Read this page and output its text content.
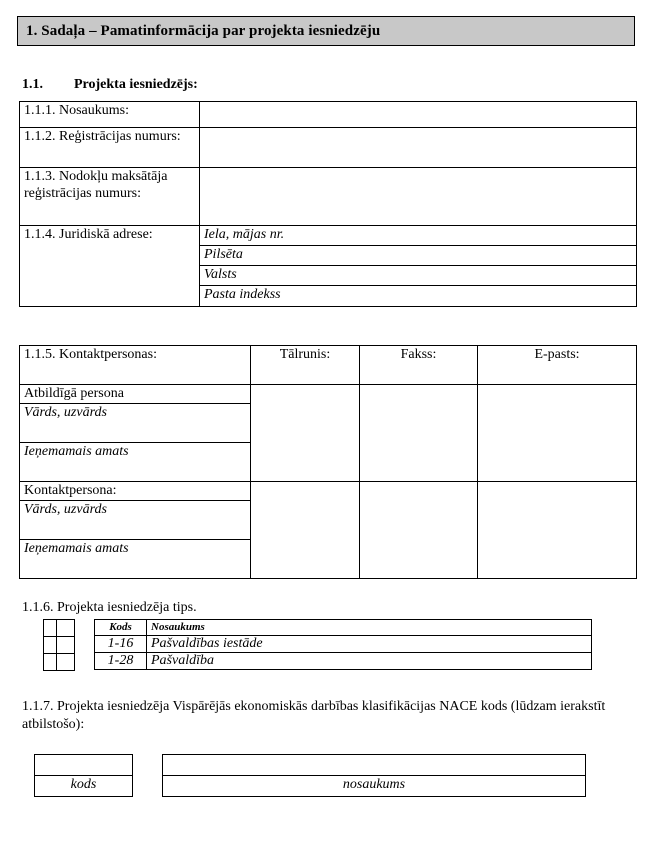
1. Sadaļa – Pamatinformācija par projekta iesniedzēju
1.1. Projekta iesniedzējs:
1.1.1. Nosaukums:	
1.1.2. Reģistrācijas numurs:	
1.1.3. Nodokļu maksātāja reģistrācijas numurs:	
1.1.4. Juridiskā adrese:	Iela, mājas nr.
	Pilsēta
	Valsts
	Pasta indekss
1.1.5. Kontaktpersonas:	Tālrunis:	Fakss:	E-pasts:
Atbildīgā persona			
Vārds, uzvārds			
Ieņemamais amats			
Kontaktpersona:			
Vārds, uzvārds			
Ieņemamais amats			
1.1.6. Projekta iesniedzēja tips.

Kods	Nosaukums
1-16	Pašvaldības iestāde
1-28	Pašvaldība
1.1.7. Projekta iesniedzēja Vispārējās ekonomiskās darbības klasifikācijas NACE kods (lūdzam ierakstīt atbilstošo):

kods	nosaukums
